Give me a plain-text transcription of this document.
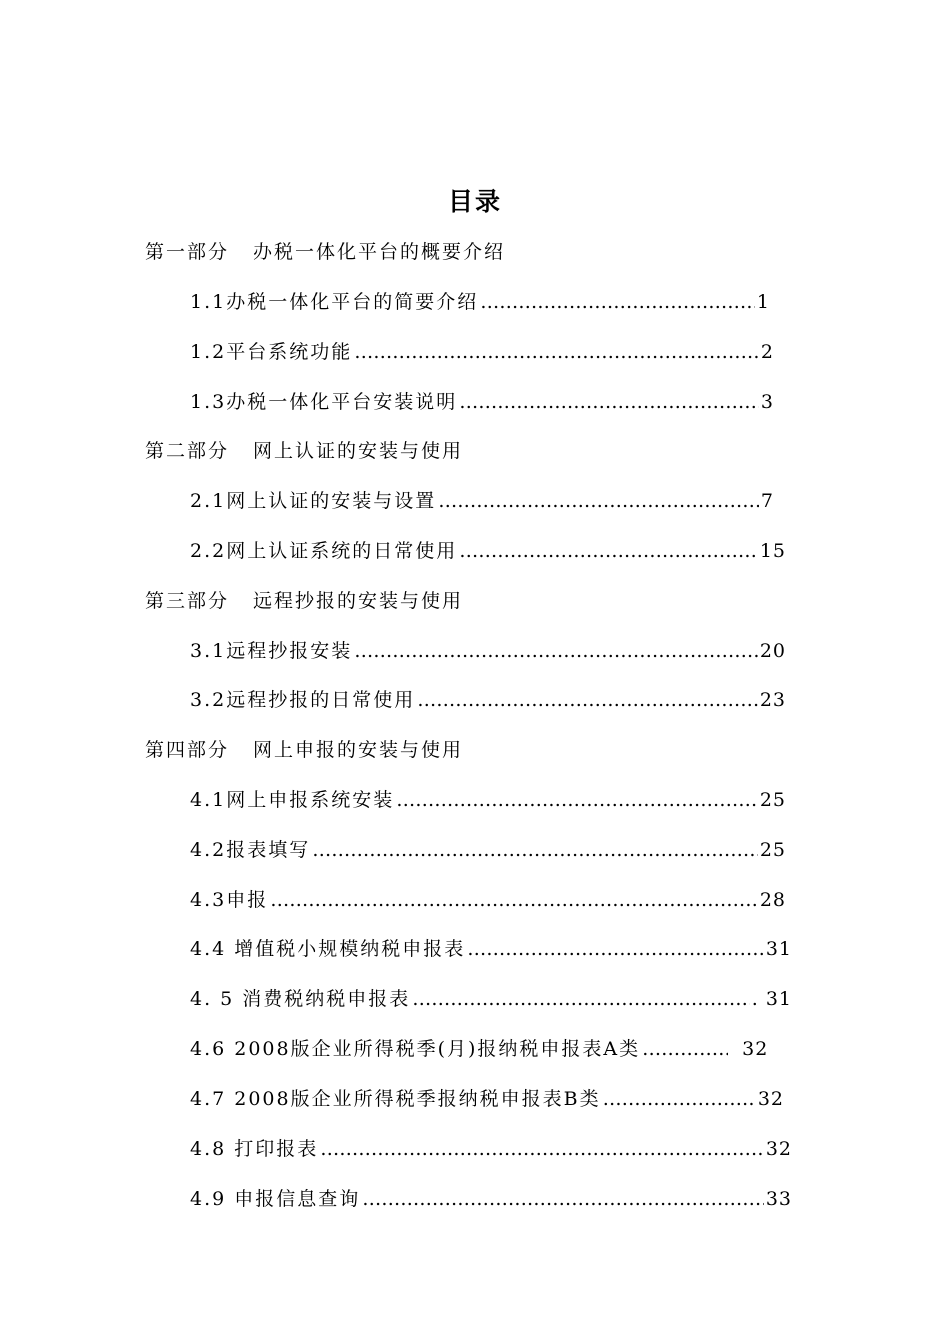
目录
第一部分 办税一体化平台的概要介绍
1.1办税一体化平台的简要介绍 …………………………………………………………………………………………………………………………………………………	1
1.2平台系统功能 …………………………………………………………………………………………………………………………………………………	2
1.3办税一体化平台安装说明 …………………………………………………………………………………………………………………………………………………	3
第二部分 网上认证的安装与使用
2.1网上认证的安装与设置 …………………………………………………………………………………………………………………………………………………	7
2.2网上认证系统的日常使用 …………………………………………………………………………………………………………………………………………………	15
第三部分 远程抄报的安装与使用
3.1远程抄报安装 …………………………………………………………………………………………………………………………………………………	20
3.2远程抄报的日常使用 …………………………………………………………………………………………………………………………………………………	23
第四部分 网上申报的安装与使用
4.1网上申报系统安装 …………………………………………………………………………………………………………………………………………………	25
4.2报表填写 …………………………………………………………………………………………………………………………………………………	25
4.3申报 …………………………………………………………………………………………………………………………………………………	28
4.4 增值税小规模纳税申报表 …………………………………………………………………………………………………………………………………………………	31
4. 5 消费税纳税申报表 …………………………………………………………………………………………………………………………………………………	. 31
4.6 2008版企业所得税季(月)报纳税申报表A类 …………………………………………………………………………………………………………………………………………………	32
4.7 2008版企业所得税季报纳税申报表B类 …………………………………………………………………………………………………………………………………………………	32
4.8 打印报表 …………………………………………………………………………………………………………………………………………………	32
4.9 申报信息查询 …………………………………………………………………………………………………………………………………………………	33
